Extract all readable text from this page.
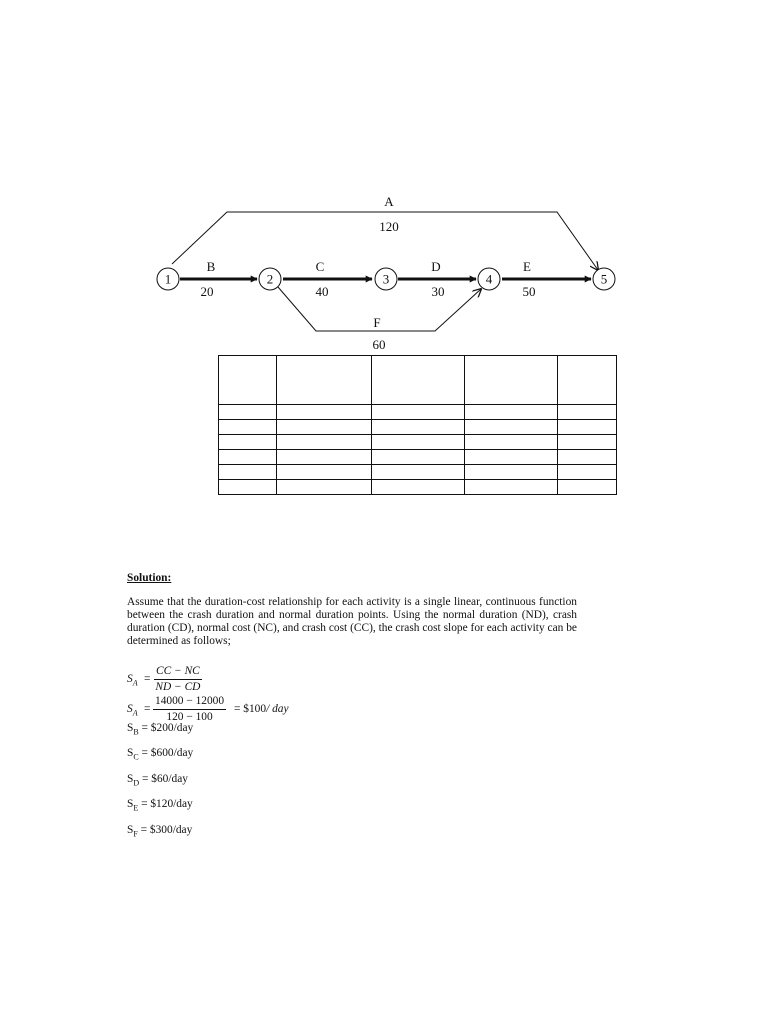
1	2	3	4	5
A
120
B
20
C
40
D
30
E
50
F
60

Solution:

Assume that the duration-cost relationship for each activity is a single linear, continuous function between the crash duration and normal duration points. Using the normal duration (ND), crash duration (CD), normal cost (NC), and crash cost (CC), the crash cost slope for each activity can be determined as follows;

$S_A = \frac{CC - NC}{ND - CD}$
$S_A = \frac{14000 - 12000}{120 - 100}$ = $100/ day
$S_B$ = $200/day
$S_C$ = $600/day
$S_D$ = $60/day
$S_E$ = $120/day
$S_F$ = $300/day
